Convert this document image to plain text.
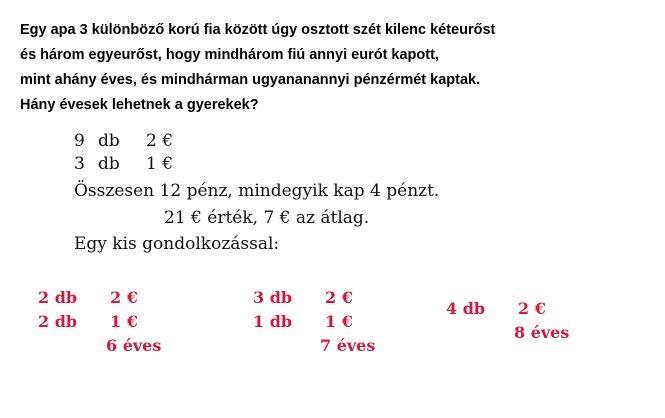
Egy apa 3 különböző korú fia között úgy osztott szét kilenc kéteurőst
és három egyeurőst, hogy mindhárom fiú annyi eurót kapott,
mint ahány éves, és mindhárman ugyananannyi pénzérmét kaptak.
Hány évesek lehetnek a gyerekek?
9 db 2 €
3 db 1 €
Összesen 12 pénz, mindegyik kap 4 pénzt.
21 € érték, 7 € az átlag.
Egy kis gondolkozással:
2 db 2 €
2 db 1 €
6 éves
3 db 2 €
1 db 1 €
7 éves
4 db 2 €
8 éves
